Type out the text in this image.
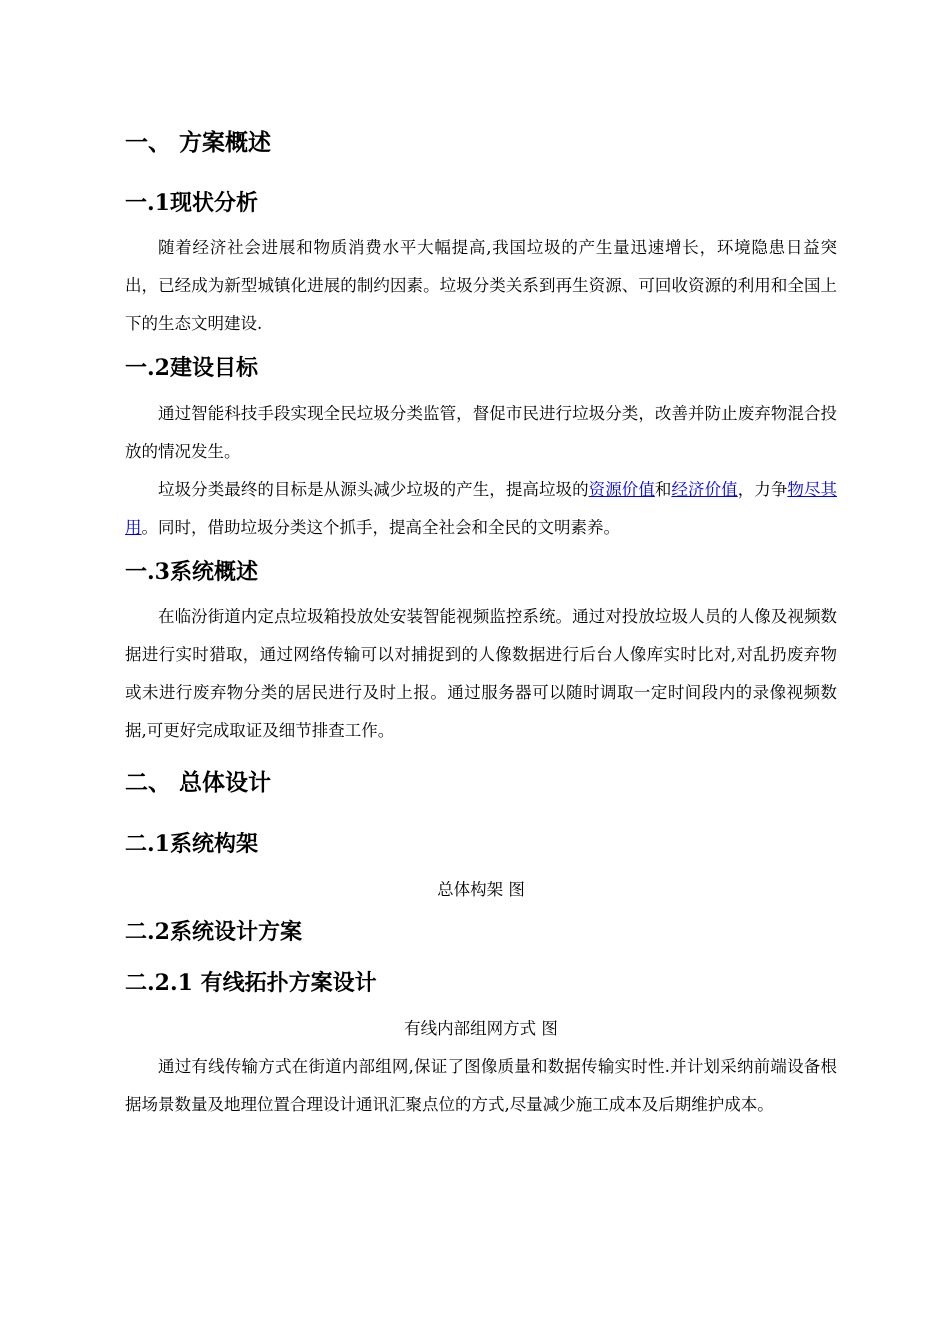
一、 方案概述
一.1现状分析

随着经济社会进展和物质消费水平大幅提高,我国垃圾的产生量迅速增长，环境隐患日益突出，已经成为新型城镇化进展的制约因素。垃圾分类关系到再生资源、可回收资源的利用和全国上下的生态文明建设.

一.2建设目标

通过智能科技手段实现全民垃圾分类监管，督促市民进行垃圾分类，改善并防止废弃物混合投放的情况发生。

垃圾分类最终的目标是从源头减少垃圾的产生，提高垃圾的资源价值和经济价值，力争物尽其用。同时，借助垃圾分类这个抓手，提高全社会和全民的文明素养。

一.3系统概述

在临汾街道内定点垃圾箱投放处安装智能视频监控系统。通过对投放垃圾人员的人像及视频数据进行实时猎取，通过网络传输可以对捕捉到的人像数据进行后台人像库实时比对,对乱扔废弃物或未进行废弃物分类的居民进行及时上报。通过服务器可以随时调取一定时间段内的录像视频数据,可更好完成取证及细节排查工作。

二、 总体设计
二.1系统构架
总体构架 图
二.2系统设计方案
二.2.1 有线拓扑方案设计
有线内部组网方式 图

通过有线传输方式在街道内部组网,保证了图像质量和数据传输实时性.并计划采纳前端设备根据场景数量及地理位置合理设计通讯汇聚点位的方式,尽量减少施工成本及后期维护成本。
